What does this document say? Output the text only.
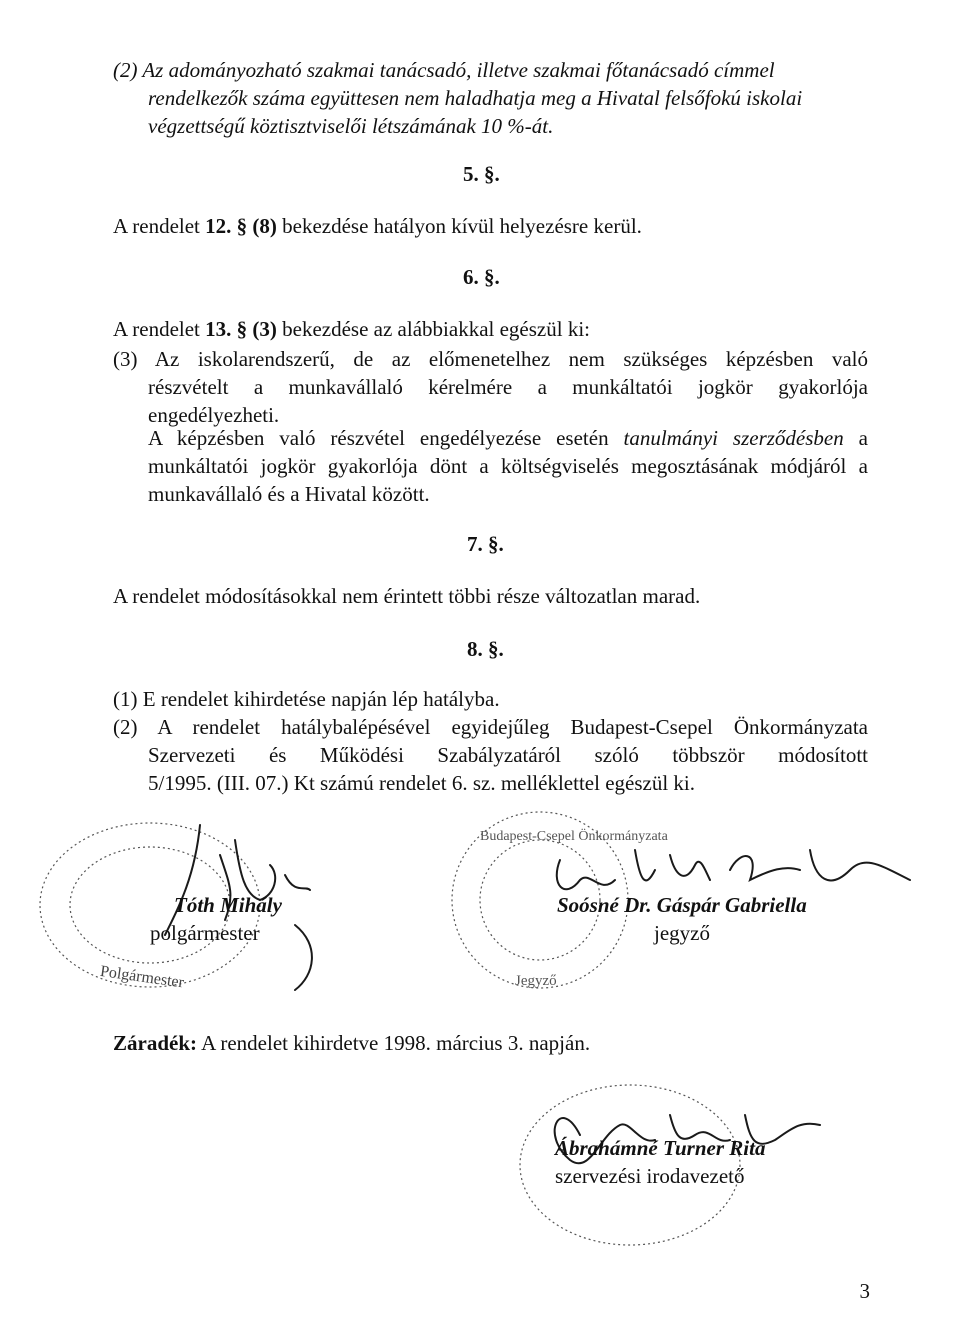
(2) Az adományozható szakmai tanácsadó, illetve szakmai főtanácsadó címmel

rendelkezők száma együttesen nem haladhatja meg a Hivatal felsőfokú iskolai

végzettségű köztisztviselői létszámának 10 %-át.

5. §.

A rendelet 12. § (8) bekezdése hatályon kívül helyezésre kerül.

6. §.

A rendelet 13. § (3) bekezdése az alábbiakkal egészül ki:

(3) Az iskolarendszerű, de az előmenetelhez nem szükséges képzésben való

részvételt a munkavállaló kérelmére a munkáltatói jogkör gyakorlója

engedélyezheti.

A képzésben való részvétel engedélyezése esetén tanulmányi szerződésben a

munkáltatói jogkör gyakorlója dönt a költségviselés megosztásának módjáról a

munkavállaló és a Hivatal között.

7. §.

A rendelet módosításokkal nem érintett többi része változatlan marad.

8. §.

(1) E rendelet kihirdetése napján lép hatályba.

(2) A rendelet hatálybalépésével egyidejűleg Budapest-Csepel Önkormányzata

Szervezeti és Működési Szabályzatáról szóló többször módosított

5/1995. (III. 07.) Kt számú rendelet 6. sz. melléklettel egészül ki.

Polgármester
Tóth Mihály
polgármester
Budapest-Csepel Önkormányzata
Jegyző
Soósné Dr. Gáspár Gabriella
jegyző

Záradék: A rendelet kihirdetve 1998. március 3. napján.

Ábrahámné Turner Rita
szervezési irodavezető
3
